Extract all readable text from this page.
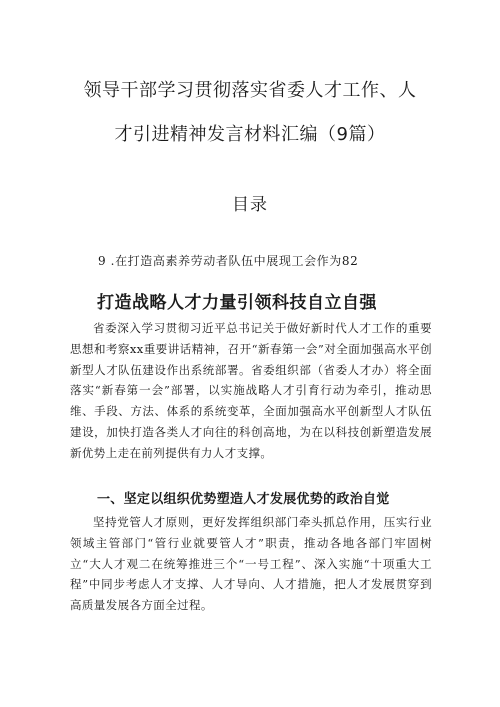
领导干部学习贯彻落实省委人才工作、人
才引进精神发言材料汇编（9篇）
目录
9 .在打造高素养劳动者队伍中展现工会作为82
打造战略人才力量引领科技自立自强

省委深入学习贯彻习近平总书记关于做好新时代人才工作的重要思想和考察xx重要讲话精神，召开“新春第一会”对全面加强高水平创新型人才队伍建设作出系统部署。省委组织部（省委人才办）将全面落实“新春第一会”部署，以实施战略人才引育行动为牵引，推动思维、手段、方法、体系的系统变革，全面加强高水平创新型人才队伍建设，加快打造各类人才向往的科创高地，为在以科技创新塑造发展新优势上走在前列提供有力人才支撑。

一、坚定以组织优势塑造人才发展优势的政治自觉

坚持党管人才原则，更好发挥组织部门牵头抓总作用，压实行业领域主管部门“管行业就要管人才”职责，推动各地各部门牢固树立“大人才观二在统筹推进三个“一号工程”、深入实施“十项重大工程”中同步考虑人才支撑、人才导向、人才措施，把人才发展贯穿到高质量发展各方面全过程。
